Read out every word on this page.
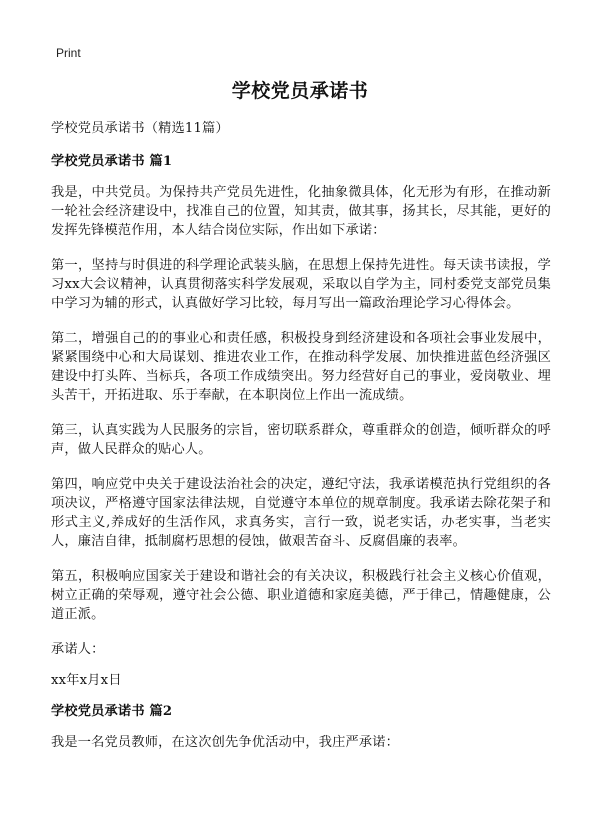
Print
学校党员承诺书

学校党员承诺书（精选11篇）

学校党员承诺书 篇1

我是，中共党员。为保持共产党员先进性，化抽象微具体，化无形为有形，在推动新一轮社会经济建设中，找准自己的位置，知其责，做其事，扬其长，尽其能，更好的发挥先锋模范作用，本人结合岗位实际，作出如下承诺：

第一，坚持与时俱进的科学理论武装头脑，在思想上保持先进性。每天读书读报，学习xx大会议精神，认真贯彻落实科学发展观，采取以自学为主，同村委党支部党员集中学习为辅的形式，认真做好学习比较，每月写出一篇政治理论学习心得体会。

第二，增强自己的的事业心和责任感，积极投身到经济建设和各项社会事业发展中，紧紧围绕中心和大局谋划、推进农业工作，在推动科学发展、加快推进蓝色经济强区建设中打头阵、当标兵，各项工作成绩突出。努力经营好自己的事业，爱岗敬业、埋头苦干，开拓进取、乐于奉献，在本职岗位上作出一流成绩。

第三，认真实践为人民服务的宗旨，密切联系群众，尊重群众的创造，倾听群众的呼声，做人民群众的贴心人。

第四，响应党中央关于建设法治社会的决定，遵纪守法，我承诺模范执行党组织的各项决议，严格遵守国家法律法规，自觉遵守本单位的规章制度。我承诺去除花架子和形式主义,养成好的生活作风，求真务实，言行一致，说老实话，办老实事，当老实人，廉洁自律，抵制腐朽思想的侵蚀，做艰苦奋斗、反腐倡廉的表率。

第五，积极响应国家关于建设和谐社会的有关决议，积极践行社会主义核心价值观，树立正确的荣辱观，遵守社会公德、职业道德和家庭美德，严于律己，情趣健康，公道正派。

承诺人：

xx年x月x日

学校党员承诺书 篇2

我是一名党员教师，在这次创先争优活动中，我庄严承诺：
